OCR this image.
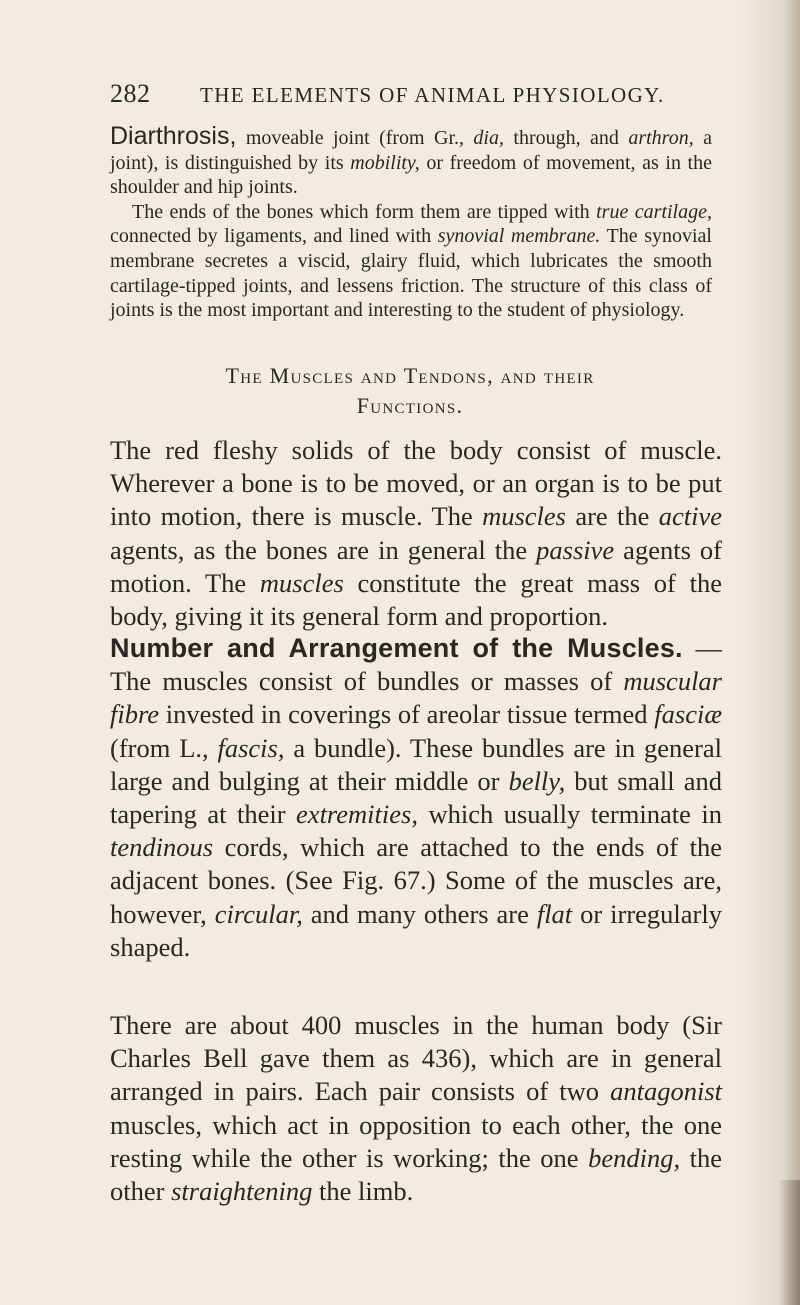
282 THE ELEMENTS OF ANIMAL PHYSIOLOGY.

Diarthrosis, moveable joint (from Gr., dia, through, and arthron, a joint), is distinguished by its mobility, or freedom of movement, as in the shoulder and hip joints.
The ends of the bones which form them are tipped with true cartilage, connected by ligaments, and lined with synovial membrane. The synovial membrane secretes a viscid, glairy fluid, which lubricates the smooth cartilage-tipped joints, and lessens friction. The structure of this class of joints is the most important and interesting to the student of physiology.

The Muscles and Tendons, and their
Functions.

The red fleshy solids of the body consist of muscle. Wherever a bone is to be moved, or an organ is to be put into motion, there is muscle. The muscles are the active agents, as the bones are in general the passive agents of motion. The muscles constitute the great mass of the body, giving it its general form and proportion.

Number and Arrangement of the Muscles. —The muscles consist of bundles or masses of muscular fibre invested in coverings of areolar tissue termed fasciæ (from L., fascis, a bundle). These bundles are in general large and bulging at their middle or belly, but small and tapering at their extremities, which usually terminate in tendinous cords, which are attached to the ends of the adjacent bones. (See Fig. 67.) Some of the muscles are, however, circular, and many others are flat or irregularly shaped.

There are about 400 muscles in the human body (Sir Charles Bell gave them as 436), which are in general arranged in pairs. Each pair consists of two antagonist muscles, which act in opposition to each other, the one resting while the other is working; the one bending, the other straightening the limb.
